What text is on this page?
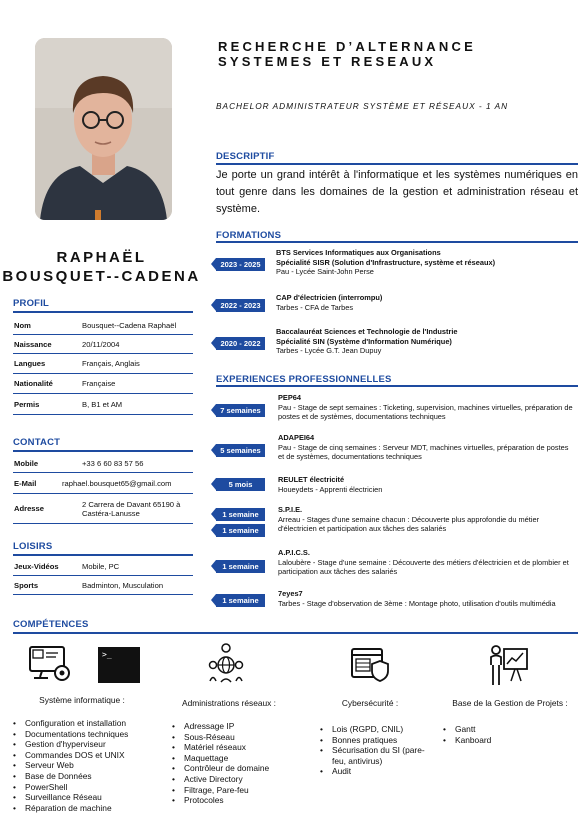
RAPHAËL
BOUSQUET--CADENA
PROFIL
Nom	Bousquet--Cadena Raphaël
Naissance	20/11/2004
Langues	Français, Anglais
Nationalité	Française
Permis	B, B1 et AM
CONTACT
Mobile	+33 6 60 83 57 56
E-Mail	raphael.bousquet65@gmail.com
Adresse	2 Carrera de Davant 65190 à Castéra-Lanusse
LOISIRS
Jeux-Vidéos	Mobile, PC
Sports	Badminton, Musculation
RECHERCHE D’ALTERNANCE
SYSTEMES ET RESEAUX
BACHELOR ADMINISTRATEUR SYSTÈME ET RÉSEAUX - 1 AN
DESCRIPTIF
Je porte un grand intérêt à l'informatique et les systèmes numériques en tout genre dans les domaines de la gestion et administration réseau et système.
FORMATIONS
2023 - 2025
BTS Services Informatiques aux Organisations
Spécialité SISR (Solution d'Infrastructure, système et réseaux)
Pau - Lycée Saint-John Perse
2022 - 2023
CAP d'électricien (interrompu)
Tarbes - CFA de Tarbes
2020 - 2022
Baccalauréat Sciences et Technologie de l'Industrie
Spécialité SIN (Système d'Information Numérique)
Tarbes - Lycée G.T. Jean Dupuy
EXPERIENCES PROFESSIONNELLES
7 semaines
PEP64
Pau - Stage de sept semaines : Ticketing, supervision, machines virtuelles, préparation de postes et de systèmes, documentations techniques
5 semaines
ADAPEI64
Pau - Stage de cinq semaines : Serveur MDT, machines virtuelles, préparation de postes et de systèmes, documentations techniques
5 mois
REULET électricité
Houeydets - Apprenti électricien
1 semaine
1 semaine
S.P.I.E.
Arreau - Stages d'une semaine chacun : Découverte plus approfondie du métier d'électricien et participation aux tâches des salariés
1 semaine
A.P.I.C.S.
Laloubère - Stage d'une semaine : Découverte des métiers d'électricien et de plombier et participation aux tâches des salariés
1 semaine
7eyes7
Tarbes - Stage d'observation de 3ème : Montage photo, utilisation d'outils multimédia
COMPÉTENCES
>_
Système informatique :	Administrations réseaux :	Cybersécurité :	Base de la Gestion de Projets :
• Configuration et installation
• Documentations techniques
• Gestion d'hyperviseur
• Commandes DOS et UNIX
• Serveur Web
• Base de Données
• PowerShell
• Surveillance Réseau
• Réparation de machine
• Adressage IP
• Sous-Réseau
• Matériel réseaux
• Maquettage
• Contrôleur de domaine
• Active Directory
• Filtrage, Pare-feu
• Protocoles
• Lois (RGPD, CNIL)
• Bonnes pratiques
• Sécurisation du SI (pare-feu, antivirus)
• Audit
• Gantt
• Kanboard
